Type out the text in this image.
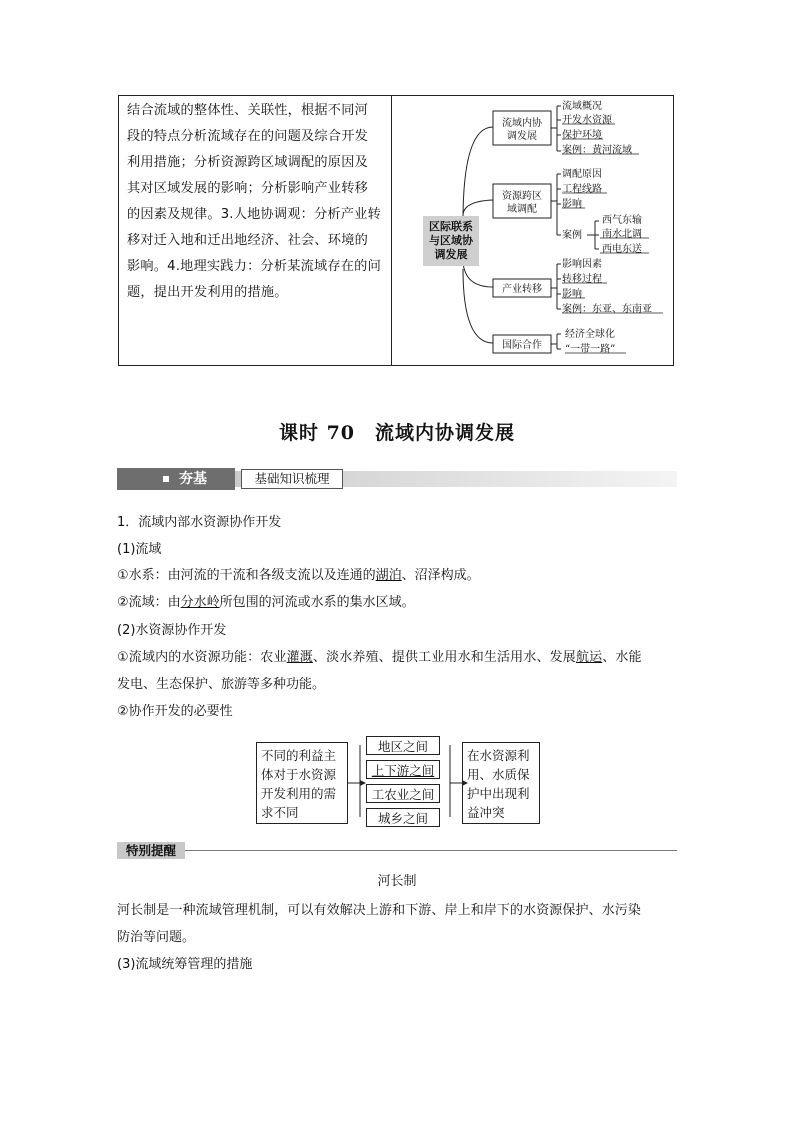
结合流域的整体性、关联性，根据不同河
段的特点分析流域存在的问题及综合开发
利用措施；分析资源跨区域调配的原因及
其对区域发展的影响；分析影响产业转移
的因素及规律。3.人地协调观：分析产业转
移对迁入地和迁出地经济、社会、环境的
影响。4.地理实践力：分析某流域存在的问
题，提出开发利用的措施。
区际联系
与区域协
调发展
流域内协
调发展
资源跨区
域调配
产业转移
国际合作
流域概况
开发水资源
保护环境
案例：黄河流域
调配原因
工程线路
影响
案例
西气东输
南水北调
西电东送
影响因素
转移过程
影响
案例：东亚、东南亚
经济全球化
“一带一路”
课时 70　流域内协调发展
夯基	基础知识梳理
1．流域内部水资源协作开发
(1)流域
①水系：由河流的干流和各级支流以及连通的湖泊、沼泽构成。
②流域：由分水岭所包围的河流或水系的集水区域。
(2)水资源协作开发
①流域内的水资源功能：农业灌溉、淡水养殖、提供工业用水和生活用水、发展航运、水能
发电、生态保护、旅游等多种功能。
②协作开发的必要性
不同的利益主
体对于水资源
开发利用的需
求不同
地区之间
上下游之间
工农业之间
城乡之间
在水资源利
用、水质保
护中出现利
益冲突
特别提醒
河长制
河长制是一种流域管理机制，可以有效解决上游和下游、岸上和岸下的水资源保护、水污染
防治等问题。
(3)流域统筹管理的措施
